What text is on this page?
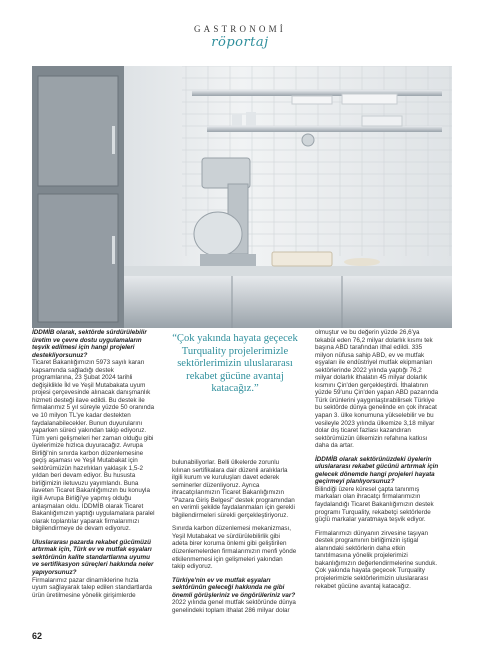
GASTRONOMİ
röportaj

İDDMİB olarak, sektörde sürdürülebilir üretim ve çevre dostu uygulamaların teşvik edilmesi için hangi projeleri destekliyorsunuz?

Ticaret Bakanlığımızın 5973 sayılı kararı kapsamında sağladığı destek programlarına, 23 Şubat 2024 tarihli değişiklikle İkl ve Yeşil Mutabakata uyum projesi çerçevesinde alınacak danışmanlık hizmeti desteği ilave edildi. Bu destek ile firmalarımız 5 yıl süreyle yüzde 50 oranında ve 10 milyon TL'ye kadar destekten faydalanabilecekler. Bunun duyurularını yaparken süreci yakından takip ediyoruz. Tüm yeni gelişmeleri her zaman olduğu gibi üyelerimize hızlıca duyuracağız. Avrupa Birliği'nin sınırda karbon düzenlemesine geçiş aşaması ve Yeşil Mutabakat için sektörümüzün hazırlıkları yaklaşık 1,5-2 yıldan beri devam ediyor. Bu hususta birliğimizin iletuvuzu yayımlandı. Buna ilaveten Ticaret Bakanlığımızın bu konuyla ilgili Avrupa Birliği'ye yapmış olduğu anlaşmaları oldu. İDDMİB olarak Ticaret Bakanlığımızın yaptığı uygulamalara paralel olarak toplantılar yaparak firmalarımızı bilgilendirmeye de devam ediyoruz.

Uluslararası pazarda rekabet gücümüzü artırmak için, Türk ev ve mutfak eşyaları sektörünün kalite standartlarına uyumu ve sertifikasyon süreçleri hakkında neler yapıyorsunuz?

Firmalarımız pazar dinamiklerine hızla uyum sağlayarak talep edilen standartlarda ürün üretilmesine yönelik girişimlerde

“Çok yakında hayata geçecek Turquality projelerimizle sektörlerimizin uluslararası rekabet gücüne avantaj katacağız.”

bulunabiliyorlar. Belli ülkelerde zorunlu kılınan sertifikalara dair düzenli aralıklarla ilgili kurum ve kuruluşları davet ederek seminerler düzenliyoruz. Ayrıca ihracatçılarımızın Ticaret Bakanlığımızın "Pazara Giriş Belgesi" destek programından en verimli şekilde faydalanmaları için gerekli bilgilendirmeleri sürekli gerçekleştiriyoruz.

Sınırda karbon düzenlemesi mekanizması, Yeşil Mutabakat ve sürdürülebilirlik gibi adeta birer koruma önlemi gibi geliştirilen düzenlemelerden firmalarımızın menfi yönde etkilenmemesi için gelişmeleri yakından takip ediyoruz.

Türkiye'nin ev ve mutfak eşyaları sektörünün geleceği hakkında ne gibi önemli görüşleriniz ve öngörüleriniz var?

2022 yılında genel mutfak sektöründe dünya genelindeki toplam ithalat 286 milyar dolar

olmuştur ve bu değerin yüzde 26,6'ya tekabül eden 76,2 milyar dolarlık kısmı tek başına ABD tarafından ithal edildi. 335 milyon nüfusa sahip ABD, ev ve mutfak eşyaları ile endüstriyel mutfak ekipmanları sektörlerinde 2022 yılında yaptığı 76,2 milyar dolarlık ithalatın 45 milyar dolarlık kısmını Çin'den gerçekleştirdi. İthalatının yüzde 59'unu Çin'den yapan ABD pazarında Türk ürünlerini yaygınlaştırabilirsek Türkiye bu sektörde dünya genelinde en çok ihracat yapan 3. ülke konumuna yükselebilir ve bu vesileyle 2023 yılında ülkemize 3,18 milyar dolar dış ticaret fazlası kazandıran sektörümüzün ülkemizin refahına katkısı daha da artar.

İDDMİB olarak sektörünüzdeki üyelerin uluslararası rekabet gücünü artırmak için gelecek dönemde hangi projeleri hayata geçirmeyi planlıyorsunuz?

Bilindiği üzere küresel çapta tanınmış markaları olan ihracatçı firmalarımızın faydalandığı Ticaret Bakanlığımızın destek programı Turquality, rekabetçi sektörlerde güçlü markalar yaratmaya teşvik ediyor.

Firmalarımızı dünyanın zirvesine taşıyan destek programının birliğimizin iştigal alanındaki sektörlerin daha etkin tanıtılmasına yönelik projelerimizi bakanlığımızın değerlendirmelerine sunduk. Çok yakında hayata geçecek Turquality projelerimizle sektörlerimizin uluslararası rekabet gücüne avantaj katacağız.

62
